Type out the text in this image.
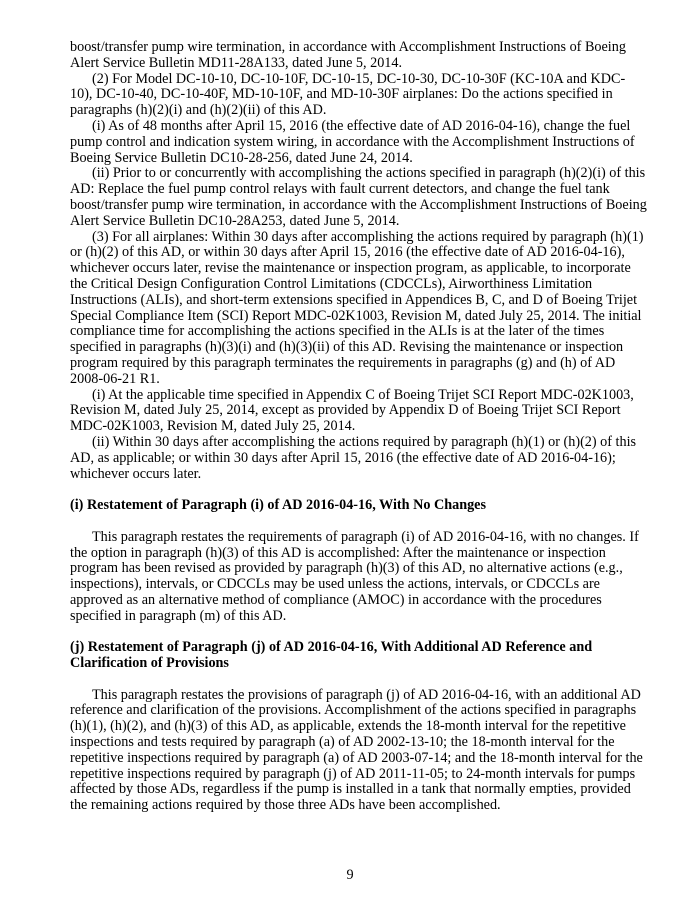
boost/transfer pump wire termination, in accordance with Accomplishment Instructions of Boeing
Alert Service Bulletin MD11-28A133, dated June 5, 2014.
(2) For Model DC-10-10, DC-10-10F, DC-10-15, DC-10-30, DC-10-30F (KC-10A and KDC-
10), DC-10-40, DC-10-40F, MD-10-10F, and MD-10-30F airplanes: Do the actions specified in
paragraphs (h)(2)(i) and (h)(2)(ii) of this AD.
(i) As of 48 months after April 15, 2016 (the effective date of AD 2016-04-16), change the fuel
pump control and indication system wiring, in accordance with the Accomplishment Instructions of
Boeing Service Bulletin DC10-28-256, dated June 24, 2014.
(ii) Prior to or concurrently with accomplishing the actions specified in paragraph (h)(2)(i) of this
AD: Replace the fuel pump control relays with fault current detectors, and change the fuel tank
boost/transfer pump wire termination, in accordance with the Accomplishment Instructions of Boeing
Alert Service Bulletin DC10-28A253, dated June 5, 2014.
(3) For all airplanes: Within 30 days after accomplishing the actions required by paragraph (h)(1)
or (h)(2) of this AD, or within 30 days after April 15, 2016 (the effective date of AD 2016-04-16),
whichever occurs later, revise the maintenance or inspection program, as applicable, to incorporate
the Critical Design Configuration Control Limitations (CDCCLs), Airworthiness Limitation
Instructions (ALIs), and short-term extensions specified in Appendices B, C, and D of Boeing Trijet
Special Compliance Item (SCI) Report MDC-02K1003, Revision M, dated July 25, 2014. The initial
compliance time for accomplishing the actions specified in the ALIs is at the later of the times
specified in paragraphs (h)(3)(i) and (h)(3)(ii) of this AD. Revising the maintenance or inspection
program required by this paragraph terminates the requirements in paragraphs (g) and (h) of AD
2008-06-21 R1.
(i) At the applicable time specified in Appendix C of Boeing Trijet SCI Report MDC-02K1003,
Revision M, dated July 25, 2014, except as provided by Appendix D of Boeing Trijet SCI Report
MDC-02K1003, Revision M, dated July 25, 2014.
(ii) Within 30 days after accomplishing the actions required by paragraph (h)(1) or (h)(2) of this
AD, as applicable; or within 30 days after April 15, 2016 (the effective date of AD 2016-04-16);
whichever occurs later.
(i) Restatement of Paragraph (i) of AD 2016-04-16, With No Changes
This paragraph restates the requirements of paragraph (i) of AD 2016-04-16, with no changes. If
the option in paragraph (h)(3) of this AD is accomplished: After the maintenance or inspection
program has been revised as provided by paragraph (h)(3) of this AD, no alternative actions (e.g.,
inspections), intervals, or CDCCLs may be used unless the actions, intervals, or CDCCLs are
approved as an alternative method of compliance (AMOC) in accordance with the procedures
specified in paragraph (m) of this AD.
(j) Restatement of Paragraph (j) of AD 2016-04-16, With Additional AD Reference and
Clarification of Provisions
This paragraph restates the provisions of paragraph (j) of AD 2016-04-16, with an additional AD
reference and clarification of the provisions. Accomplishment of the actions specified in paragraphs
(h)(1), (h)(2), and (h)(3) of this AD, as applicable, extends the 18-month interval for the repetitive
inspections and tests required by paragraph (a) of AD 2002-13-10; the 18-month interval for the
repetitive inspections required by paragraph (a) of AD 2003-07-14; and the 18-month interval for the
repetitive inspections required by paragraph (j) of AD 2011-11-05; to 24-month intervals for pumps
affected by those ADs, regardless if the pump is installed in a tank that normally empties, provided
the remaining actions required by those three ADs have been accomplished.
9
